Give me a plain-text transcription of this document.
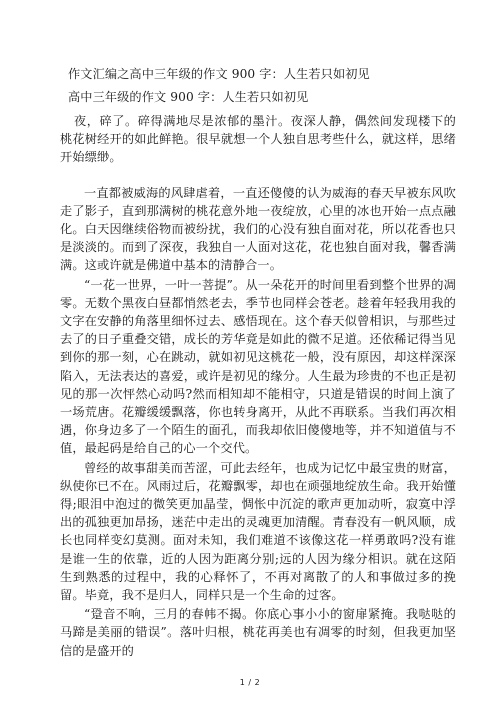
作文汇编之高中三年级的作文 900 字：人生若只如初见
高中三年级的作文 900 字：人生若只如初见

夜，碎了。碎得满地尽是浓郁的墨汁。夜深人静，偶然间发现楼下的桃花树经开的如此鲜艳。很早就想一个人独自思考些什么，就这样，思绪开始缥缈。

一直都被威海的风肆虐着，一直还傻傻的认为威海的春天早被东风吹走了影子，直到那满树的桃花意外地一夜绽放，心里的冰也开始一点点融化。白天因继续俗物而被纷扰，我们的心没有独自面对花，所以花香也只是淡淡的。而到了深夜，我独自一人面对这花，花也独自面对我，馨香满满。这或许就是佛道中基本的清静合一。

“一花一世界，一叶一菩提”。从一朵花开的时间里看到整个世界的凋零。无数个黑夜白昼都悄然老去，季节也同样会苍老。趁着年轻我用我的文字在安静的角落里细怀过去、感悟现在。这个春天似曾相识，与那些过去了的日子重叠交错，成长的芳华竟是如此的微不足道。还依稀记得当见到你的那一刻，心在跳动，就如初见这桃花一般，没有原因，却这样深深陷入，无法表达的喜爱，或许是初见的缘分。人生最为珍贵的不也正是初见的那一次怦然心动吗?然而相知却不能相守，只道是错误的时间上演了一场荒唐。花瓣缓缓飘落，你也转身离开，从此不再联系。当我们再次相遇，你身边多了一个陌生的面孔，而我却依旧傻傻地等，并不知道值与不值，最起码是给自己的心一个交代。

曾经的故事甜美而苦涩，可此去经年，也成为记忆中最宝贵的财富，纵使你已不在。风雨过后，花瓣飘零，却也在顽强地绽放生命。我开始懂得;眼泪中泡过的微笑更加晶莹，惆怅中沉淀的歌声更加动听，寂寞中浮出的孤独更加昂扬，迷茫中走出的灵魂更加清醒。青春没有一帆风顺，成长也同样变幻莫测。面对未知，我们难道不该像这花一样勇敢吗?没有谁是谁一生的依靠，近的人因为距离分别;远的人因为缘分相识。就在这陌生到熟悉的过程中，我的心释怀了，不再对离散了的人和事做过多的挽留。毕竟，我不是归人，同样只是一个生命的过客。

“跫音不响，三月的春帏不揭。你底心事小小的窗扉紧掩。我哒哒的马蹄是美丽的错误”。落叶归根，桃花再美也有凋零的时刻，但我更加坚信的是盛开的

1 / 2
